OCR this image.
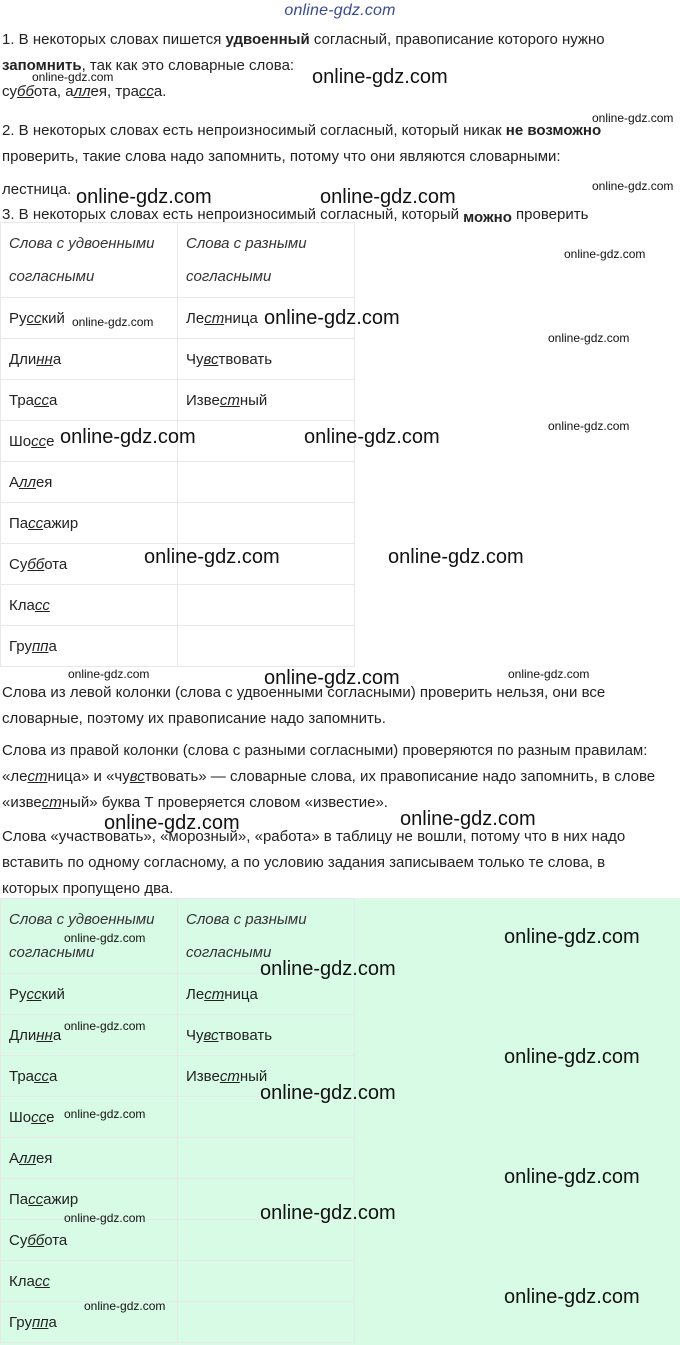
online-gdz.com

1. В некоторых словах пишется удвоенный согласный, правописание которого нужно запомнить, так как это словарные слова:
суббота, аллея, трасса.

2. В некоторых словах есть непроизносимый согласный, который никак не возможно проверить, такие слова надо запомнить, потому что они являются словарными:

лестница.

3. В некоторых словах есть непроизносимый согласный, который можно проверить
Слова с удвоенными согласными	Слова с разными согласными
Русский	Лестница
Длинна	Чувствовать
Трасса	Известный
Шоссе	
Аллея	
Пассажир	
Суббота	
Класс	
Группа	

Слова из левой колонки (слова с удвоенными согласными) проверить нельзя, они все словарные, поэтому их правописание надо запомнить.

Слова из правой колонки (слова с разными согласными) проверяются по разным правилам: «лестница» и «чувствовать» — словарные слова, их правописание надо запомнить, в слове «известный» буква Т проверяется словом «известие».

Слова «участвовать», «морозный», «работа» в таблицу не вошли, потому что в них надо вставить по одному согласному, а по условию задания записываем только те слова, в которых пропущено два.

Слова с удвоенными согласными	Слова с разными согласными
Русский	Лестница
Длинна	Чувствовать
Трасса	Известный
Шоссе	
Аллея	
Пассажир	
Суббота	
Класс	
Группа	
online-gdz.com	online-gdz.com
online-gdz.com
online-gdz.com	online-gdz.com	online-gdz.com
online-gdz.com
online-gdz.com	online-gdz.com
online-gdz.com
online-gdz.com	online-gdz.com	online-gdz.com
online-gdz.com	online-gdz.com
online-gdz.com	online-gdz.com	online-gdz.com
online-gdz.com	online-gdz.com
online-gdz.com	online-gdz.com
online-gdz.com
online-gdz.com
online-gdz.com
online-gdz.com
online-gdz.com
online-gdz.com
online-gdz.com	online-gdz.com
online-gdz.com	online-gdz.com
